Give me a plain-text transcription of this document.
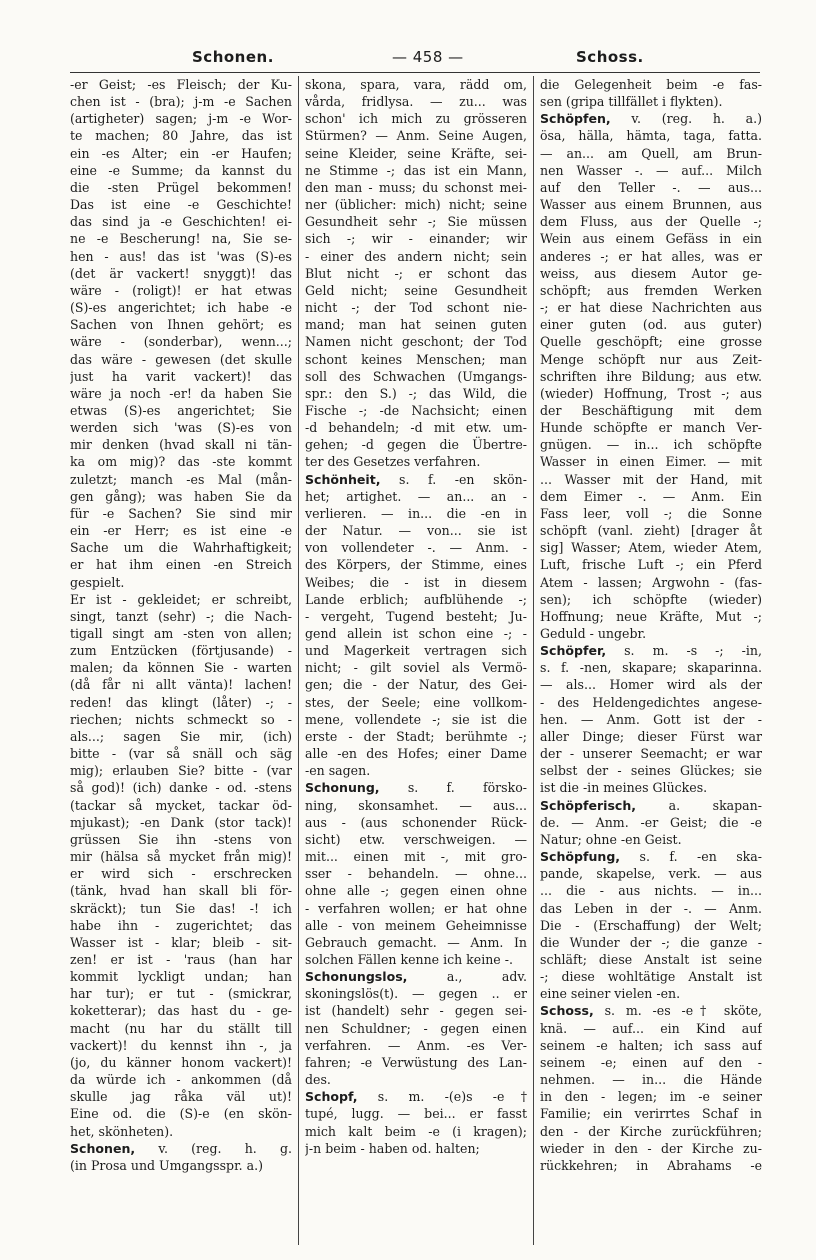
Schonen.	— 458 —	Schoss.

-er Geist; -es Fleisch; der Ku-

chen ist - (bra); j-m -e Sachen

(artigheter) sagen; j-m -e Wor-

te machen; 80 Jahre, das ist

ein -es Alter; ein -er Haufen;

eine -e Summe; da kannst du

die -sten Prügel bekommen!

Das ist eine -e Geschichte!

das sind ja -e Geschichten! ei-

ne -e Bescherung! na, Sie se-

hen - aus! das ist 'was (S)-es

(det är vackert! snyggt)! das

wäre - (roligt)! er hat etwas

(S)-es angerichtet; ich habe -e

Sachen von Ihnen gehört; es

wäre - (sonderbar), wenn...;

das wäre - gewesen (det skulle

just ha varit vackert)! das

wäre ja noch -er! da haben Sie

etwas (S)-es angerichtet; Sie

werden sich 'was (S)-es von

mir denken (hvad skall ni tän-

ka om mig)? das -ste kommt

zuletzt; manch -es Mal (mån-

gen gång); was haben Sie da

für -e Sachen? Sie sind mir

ein -er Herr; es ist eine -e

Sache um die Wahrhaftigkeit;

er hat ihm einen -en Streich

gespielt.

Er ist - gekleidet; er schreibt,

singt, tanzt (sehr) -; die Nach-

tigall singt am -sten von allen;

zum Entzücken (förtjusande) -

malen; da können Sie - warten

(då får ni allt vänta)! lachen!

reden! das klingt (låter) -; -

riechen; nichts schmeckt so -

als...; sagen Sie mir, (ich)

bitte - (var så snäll och säg

mig); erlauben Sie? bitte - (var

så god)! (ich) danke - od. -stens

(tackar så mycket, tackar öd-

mjukast); -en Dank (stor tack)!

grüssen Sie ihn -stens von

mir (hälsa så mycket från mig)!

er wird sich - erschrecken

(tänk, hvad han skall bli för-

skräckt); tun Sie das! -! ich

habe ihn - zugerichtet; das

Wasser ist - klar; bleib - sit-

zen! er ist - 'raus (han har

kommit lyckligt undan; han

har tur); er tut - (smickrar,

koketterar); das hast du - ge-

macht (nu har du ställt till

vackert)! du kennst ihn -, ja

(jo, du känner honom vackert)!

da würde ich - ankommen (då

skulle jag råka väl ut)!

Eine od. die (S)-e (en skön-

het, skönheten).

Schonen, v. (reg. h. g.

(in Prosa und Umgangsspr. a.)

skona, spara, vara, rädd om,

vårda, fridlysa. — zu... was

schon' ich mich zu grösseren

Stürmen? — Anm. Seine Augen,

seine Kleider, seine Kräfte, sei-

ne Stimme -; das ist ein Mann,

den man - muss; du schonst mei-

ner (üblicher: mich) nicht; seine

Gesundheit sehr -; Sie müssen

sich -; wir - einander; wir

- einer des andern nicht; sein

Blut nicht -; er schont das

Geld nicht; seine Gesundheit

nicht -; der Tod schont nie-

mand; man hat seinen guten

Namen nicht geschont; der Tod

schont keines Menschen; man

soll des Schwachen (Umgangs-

spr.: den S.) -; das Wild, die

Fische -; -de Nachsicht; einen

-d behandeln; -d mit etw. um-

gehen; -d gegen die Übertre-

ter des Gesetzes verfahren.

Schönheit, s. f. -en skön-

het; artighet. — an... an -

verlieren. — in... die -en in

der Natur. — von... sie ist

von vollendeter -. — Anm. -

des Körpers, der Stimme, eines

Weibes; die - ist in diesem

Lande erblich; aufblühende -;

- vergeht, Tugend besteht; Ju-

gend allein ist schon eine -; -

und Magerkeit vertragen sich

nicht; - gilt soviel als Vermö-

gen; die - der Natur, des Gei-

stes, der Seele; eine vollkom-

mene, vollendete -; sie ist die

erste - der Stadt; berühmte -;

alle -en des Hofes; einer Dame

-en sagen.

Schonung, s. f. försko-

ning, skonsamhet. — aus...

aus - (aus schonender Rück-

sicht) etw. verschweigen. —

mit... einen mit -, mit gro-

sser - behandeln. — ohne...

ohne alle -; gegen einen ohne

- verfahren wollen; er hat ohne

alle - von meinem Geheimnisse

Gebrauch gemacht. — Anm. In

solchen Fällen kenne ich keine -.

Schonungslos, a., adv.

skoningslös(t). — gegen .. er

ist (handelt) sehr - gegen sei-

nen Schuldner; - gegen einen

verfahren. — Anm. -es Ver-

fahren; -e Verwüstung des Lan-

des.

Schopf, s. m. -(e)s -e†

tupé, lugg. — bei... er fasst

mich kalt beim -e (i kragen);

j-n beim - haben od. halten;

die Gelegenheit beim -e fas-

sen (gripa tillfället i flykten).

Schöpfen, v. (reg. h. a.)

ösa, hälla, hämta, taga, fatta.

— an... am Quell, am Brun-

nen Wasser -. — auf... Milch

auf den Teller -. — aus...

Wasser aus einem Brunnen, aus

dem Fluss, aus der Quelle -;

Wein aus einem Gefäss in ein

anderes -; er hat alles, was er

weiss, aus diesem Autor ge-

schöpft; aus fremden Werken

-; er hat diese Nachrichten aus

einer guten (od. aus guter)

Quelle geschöpft; eine grosse

Menge schöpft nur aus Zeit-

schriften ihre Bildung; aus etw.

(wieder) Hoffnung, Trost -; aus

der Beschäftigung mit dem

Hunde schöpfte er manch Ver-

gnügen. — in... ich schöpfte

Wasser in einen Eimer. — mit

... Wasser mit der Hand, mit

dem Eimer -. — Anm. Ein

Fass leer, voll -; die Sonne

schöpft (vanl. zieht) [drager åt

sig] Wasser; Atem, wieder Atem,

Luft, frische Luft -; ein Pferd

Atem - lassen; Argwohn - (fas-

sen); ich schöpfte (wieder)

Hoffnung; neue Kräfte, Mut -;

Geduld - ungebr.

Schöpfer, s. m. -s -; -in,

s. f. -nen, skapare; skaparinna.

— als... Homer wird als der

- des Heldengedichtes angese-

hen. — Anm. Gott ist der -

aller Dinge; dieser Fürst war

der - unserer Seemacht; er war

selbst der - seines Glückes; sie

ist die -in meines Glückes.

Schöpferisch, a. skapan-

de. — Anm. -er Geist; die -e

Natur; ohne -en Geist.

Schöpfung, s. f. -en ska-

pande, skapelse, verk. — aus

... die - aus nichts. — in...

das Leben in der -. — Anm.

Die - (Erschaffung) der Welt;

die Wunder der -; die ganze -

schläft; diese Anstalt ist seine

-; diese wohltätige Anstalt ist

eine seiner vielen -en.

Schoss, s. m. -es -e† sköte,

knä. — auf... ein Kind auf

seinem -e halten; ich sass auf

seinem -e; einen auf den -

nehmen. — in... die Hände

in den - legen; im -e seiner

Familie; ein verirrtes Schaf in

den - der Kirche zurückführen;

wieder in den - der Kirche zu-

rückkehren; in Abrahams -e
